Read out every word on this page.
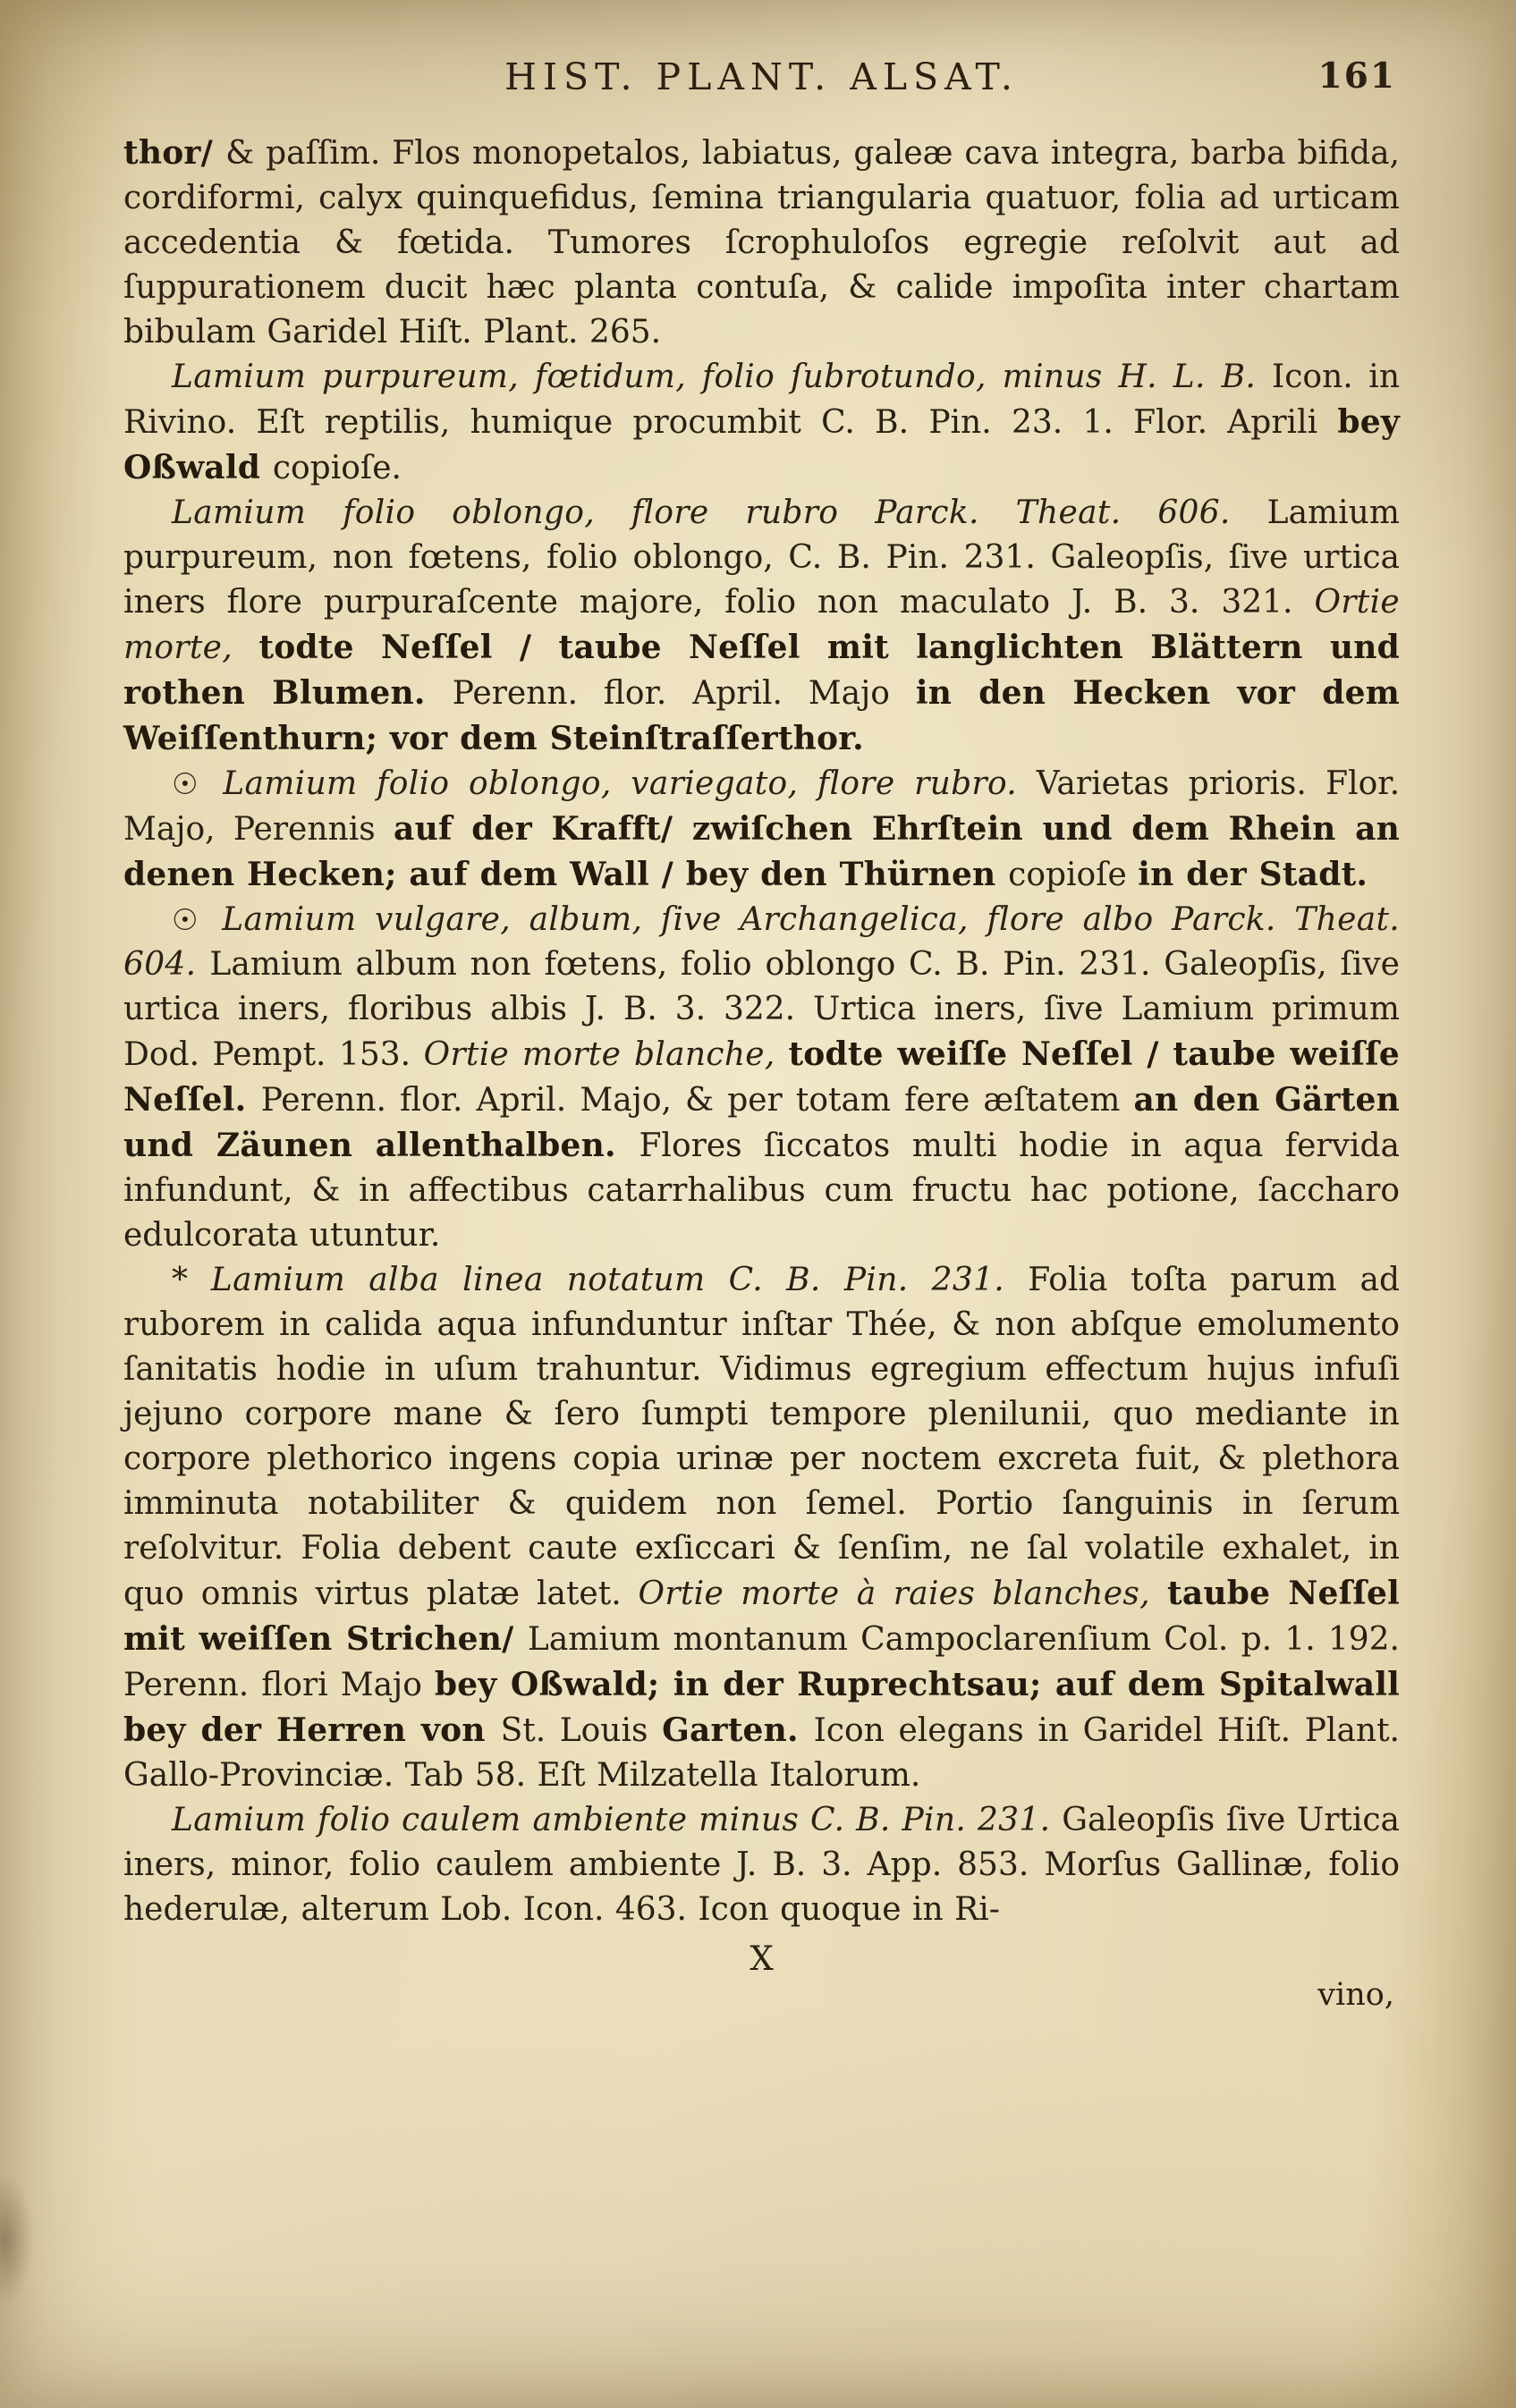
HIST. PLANT. ALSAT.	161

thor/ & paſſim. Flos monopetalos, labiatus, galeæ cava integra, barba bifida, cordiformi, calyx quinquefidus, ſemina triangularia quatuor, folia ad urticam accedentia & fœtida. Tumores ſcrophuloſos egregie reſolvit aut ad ſuppurationem ducit hæc planta contuſa, & calide impoſita inter chartam bibulam Garidel Hiſt. Plant. 265.

Lamium purpureum, fœtidum, folio ſubrotundo, minus H. L. B. Icon. in Rivino. Eſt reptilis, humique procumbit C. B. Pin. 23. 1. Flor. Aprili bey Oßwald copioſe.

Lamium folio oblongo, flore rubro Parck. Theat. 606. Lamium purpureum, non fœtens, folio oblongo, C. B. Pin. 231. Galeopſis, ſive urtica iners flore purpuraſcente majore, folio non maculato J. B. 3. 321. Ortie morte, todte Neſſel / taube Neſſel mit langlichten Blättern und rothen Blumen. Perenn. flor. April. Majo in den Hecken vor dem Weiſſenthurn; vor dem Steinſtraſſerthor.

☉ Lamium folio oblongo, variegato, flore rubro. Varietas prioris. Flor. Majo, Perennis auf der Krafft/ zwiſchen Ehrſtein und dem Rhein an denen Hecken; auf dem Wall / bey den Thürnen copioſe in der Stadt.

☉ Lamium vulgare, album, ſive Archangelica, flore albo Parck. Theat. 604. Lamium album non fœtens, folio oblongo C. B. Pin. 231. Galeopſis, ſive urtica iners, floribus albis J. B. 3. 322. Urtica iners, ſive Lamium primum Dod. Pempt. 153. Ortie morte blanche, todte weiſſe Neſſel / taube weiſſe Neſſel. Perenn. flor. April. Majo, & per totam fere æſtatem an den Gärten und Zäunen allenthalben. Flores ſiccatos multi hodie in aqua fervida infundunt, & in affectibus catarrhalibus cum fructu hac potione, ſaccharo edulcorata utuntur.

* Lamium alba linea notatum C. B. Pin. 231. Folia toſta parum ad ruborem in calida aqua infunduntur inſtar Thée, & non abſque emolumento ſanitatis hodie in uſum trahuntur. Vidimus egregium effectum hujus infuſi jejuno corpore mane & ſero ſumpti tempore plenilunii, quo mediante in corpore plethorico ingens copia urinæ per noctem excreta fuit, & plethora imminuta notabiliter & quidem non ſemel. Portio ſanguinis in ſerum reſolvitur. Folia debent caute exſiccari & ſenſim, ne ſal volatile exhalet, in quo omnis virtus platæ latet. Ortie morte à raies blanches, taube Neſſel mit weiſſen Strichen/ Lamium montanum Campoclarenſium Col. p. 1. 192. Perenn. flori Majo bey Oßwald; in der Ruprechtsau; auf dem Spitalwall bey der Herren von St. Louis Garten. Icon elegans in Garidel Hiſt. Plant. Gallo-Provinciæ. Tab 58. Eſt Milzatella Italorum.

Lamium folio caulem ambiente minus C. B. Pin. 231. Galeopſis ſive Urtica iners, minor, folio caulem ambiente J. B. 3. App. 853. Morſus Gallinæ, folio hederulæ, alterum Lob. Icon. 463. Icon quoque in Ri-

X
vino,
